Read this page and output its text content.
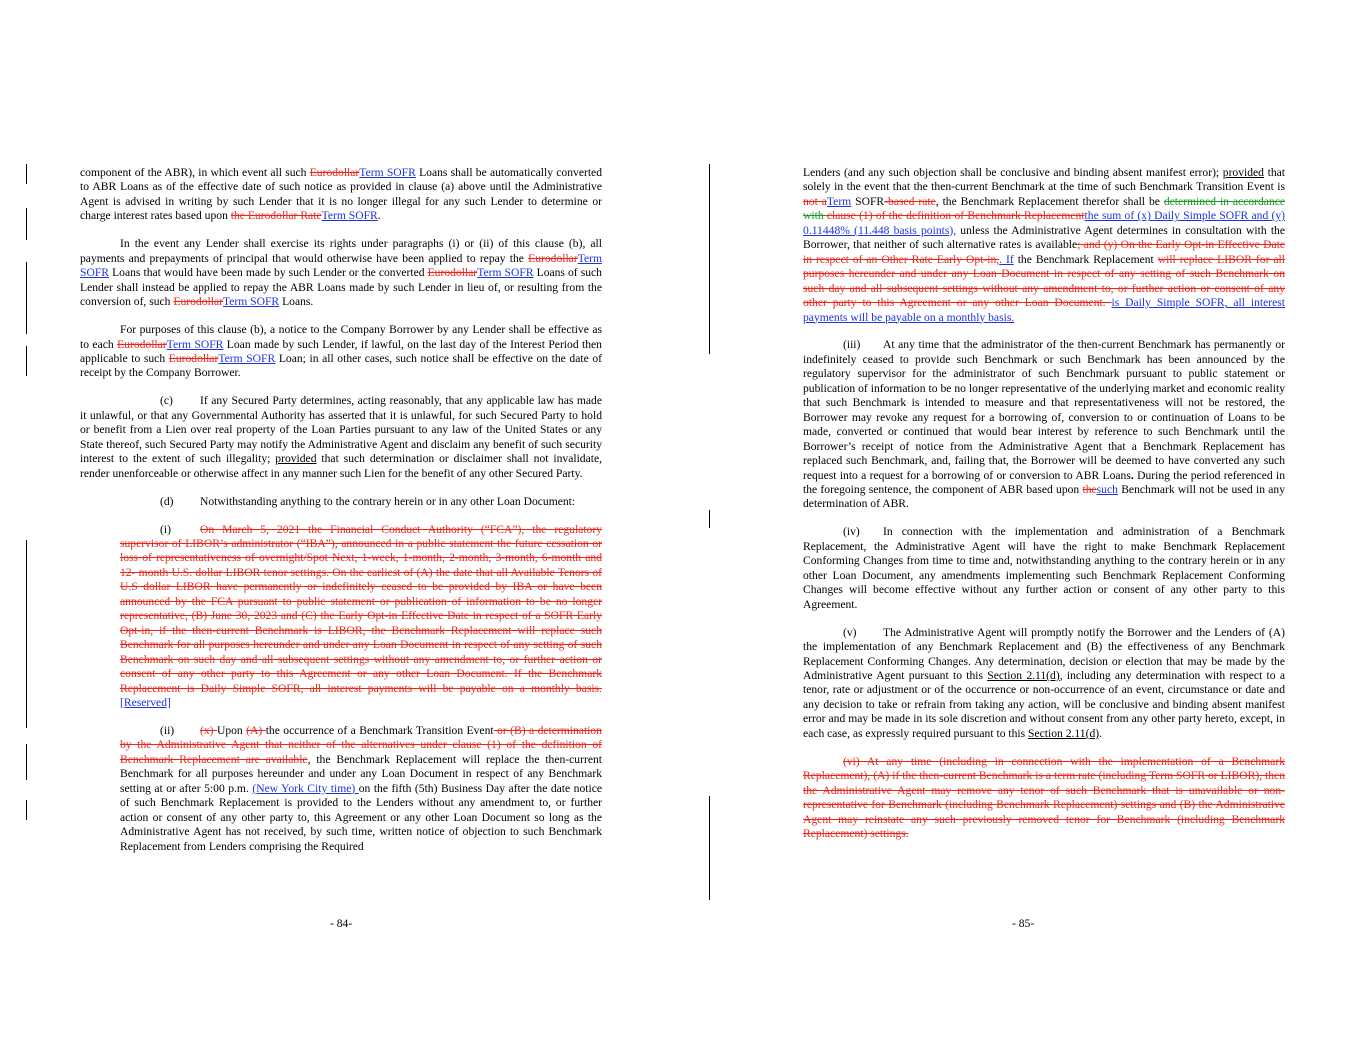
component of the ABR), in which event all such EurodollarTerm SOFR Loans shall be automatically converted to ABR Loans as of the effective date of such notice as provided in clause (a) above until the Administrative Agent is advised in writing by such Lender that it is no longer illegal for any such Lender to determine or charge interest rates based upon the Eurodollar RateTerm SOFR.

In the event any Lender shall exercise its rights under paragraphs (i) or (ii) of this clause (b), all payments and prepayments of principal that would otherwise have been applied to repay the EurodollarTerm SOFR Loans that would have been made by such Lender or the converted EurodollarTerm SOFR Loans of such Lender shall instead be applied to repay the ABR Loans made by such Lender in lieu of, or resulting from the conversion of, such EurodollarTerm SOFR Loans.

For purposes of this clause (b), a notice to the Company Borrower by any Lender shall be effective as to each EurodollarTerm SOFR Loan made by such Lender, if lawful, on the last day of the Interest Period then applicable to such EurodollarTerm SOFR Loan; in all other cases, such notice shall be effective on the date of receipt by the Company Borrower.

(c) If any Secured Party determines, acting reasonably, that any applicable law has made it unlawful, or that any Governmental Authority has asserted that it is unlawful, for such Secured Party to hold or benefit from a Lien over real property of the Loan Parties pursuant to any law of the United States or any State thereof, such Secured Party may notify the Administrative Agent and disclaim any benefit of such security interest to the extent of such illegality; provided that such determination or disclaimer shall not invalidate, render unenforceable or otherwise affect in any manner such Lien for the benefit of any other Secured Party.

(d) Notwithstanding anything to the contrary herein or in any other Loan Document:

(i)	On March 5, 2021 the Financial Conduct Authority (“FCA”), the regulatory supervisor of LIBOR’s administrator (“IBA”), announced in a public statement the future cessation or loss of representativeness of overnight/Spot Next, 1-week, 1-month, 2-month, 3-month, 6-month and 12- month U.S. dollar LIBOR tenor settings. On the earliest of (A) the date that all Available Tenors of U.S dollar LIBOR have permanently or indefinitely ceased to be provided by IBA or have been announced by the FCA pursuant to public statement or publication of information to be no longer representative, (B) June 30, 2023 and (C) the Early Opt-in Effective Date in respect of a SOFR Early Opt-in, if the then-current Benchmark is LIBOR, the Benchmark Replacement will replace such Benchmark for all purposes hereunder and under any Loan Document in respect of any setting of such Benchmark on such day and all subsequent settings without any amendment to, or further action or consent of any other party to this Agreement or any other Loan Document. If the Benchmark Replacement is Daily Simple SOFR, all interest payments will be payable on a monthly basis.[Reserved]

(ii) (x) Upon (A) the occurrence of a Benchmark Transition Event or (B) a determination by the Administrative Agent that neither of the alternatives under clause (1) of the definition of Benchmark Replacement are available, the Benchmark Replacement will replace the then-current Benchmark for all purposes hereunder and under any Loan Document in respect of any Benchmark setting at or after 5:00 p.m. (New York City time) on the fifth (5th) Business Day after the date notice of such Benchmark Replacement is provided to the Lenders without any amendment to, or further action or consent of any other party to, this Agreement or any other Loan Document so long as the Administrative Agent has not received, by such time, written notice of objection to such Benchmark Replacement from Lenders comprising the Required

- 84-

Lenders (and any such objection shall be conclusive and binding absent manifest error); provided that solely in the event that the then-current Benchmark at the time of such Benchmark Transition Event is not aTerm SOFR-based rate, the Benchmark Replacement therefor shall be determined in accordance with clause (1) of the definition of Benchmark Replacementthe sum of (x) Daily Simple SOFR and (y) 0.11448% (11.448 basis points), unless the Administrative Agent determines in consultation with the Borrower, that neither of such alternative rates is available; and (y) On the Early Opt-in Effective Date in respect of an Other Rate Early Opt-in,. If the Benchmark Replacement will replace LIBOR for all purposes hereunder and under any Loan Document in respect of any setting of such Benchmark on such day and all subsequent settings without any amendment to, or further action or consent of any other party to this Agreement or any other Loan Document. is Daily Simple SOFR, all interest payments will be payable on a monthly basis.

(iii) At any time that the administrator of the then-current Benchmark has permanently or indefinitely ceased to provide such Benchmark or such Benchmark has been announced by the regulatory supervisor for the administrator of such Benchmark pursuant to public statement or publication of information to be no longer representative of the underlying market and economic reality that such Benchmark is intended to measure and that representativeness will not be restored, the Borrower may revoke any request for a borrowing of, conversion to or continuation of Loans to be made, converted or continued that would bear interest by reference to such Benchmark until the Borrower’s receipt of notice from the Administrative Agent that a Benchmark Replacement has replaced such Benchmark, and, failing that, the Borrower will be deemed to have converted any such request into a request for a borrowing of or conversion to ABR Loans. During the period referenced in the foregoing sentence, the component of ABR based upon thesuch Benchmark will not be used in any determination of ABR.

(iv) In connection with the implementation and administration of a Benchmark Replacement, the Administrative Agent will have the right to make Benchmark Replacement Conforming Changes from time to time and, notwithstanding anything to the contrary herein or in any other Loan Document, any amendments implementing such Benchmark Replacement Conforming Changes will become effective without any further action or consent of any other party to this Agreement.

(v) The Administrative Agent will promptly notify the Borrower and the Lenders of (A) the implementation of any Benchmark Replacement and (B) the effectiveness of any Benchmark Replacement Conforming Changes. Any determination, decision or election that may be made by the Administrative Agent pursuant to this Section 2.11(d), including any determination with respect to a tenor, rate or adjustment or of the occurrence or non-occurrence of an event, circumstance or date and any decision to take or refrain from taking any action, will be conclusive and binding absent manifest error and may be made in its sole discretion and without consent from any other party hereto, except, in each case, as expressly required pursuant to this Section 2.11(d).

(vi) At any time (including in connection with the implementation of a Benchmark Replacement), (A) if the then-current Benchmark is a term rate (including Term SOFR or LIBOR), then the Administrative Agent may remove any tenor of such Benchmark that is unavailable or non-representative for Benchmark (including Benchmark Replacement) settings and (B) the Administrative Agent may reinstate any such previously removed tenor for Benchmark (including Benchmark Replacement) settings.

- 85-
